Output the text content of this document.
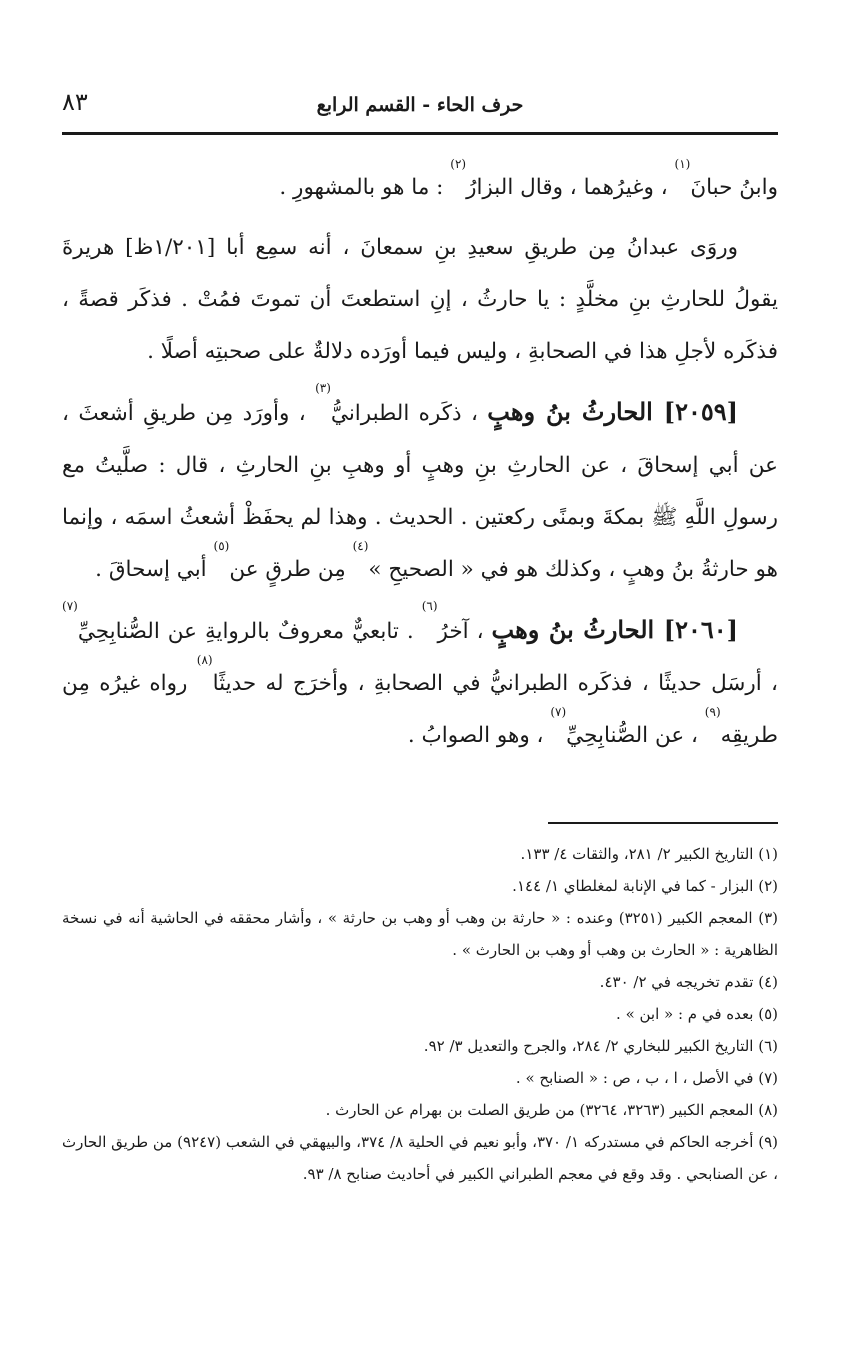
حرف الحاء - القسم الرابع
٨٣

وابنُ حبانَ$^{(١)}$ ، وغيرُهما ، وقال البزارُ$^{(٢)}$ : ما هو بالمشهورِ .

وروَى عبدانُ مِن طريقِ سعيدِ بنِ سمعانَ ، أنه سمِع أبا [١/٢٠١ظ] هريرةَ يقولُ للحارثِ بنِ مخلَّدٍ : يا حارثُ ، إنِ استطعتَ أن تموتَ فمُتْ . فذكَر قصةً ، فذكَره لأجلِ هذا في الصحابةِ ، وليس فيما أورَده دلالةٌ على صحبتِه أصلًا .

[٢٠٥٩] الحارثُ بنُ وهبٍ ، ذكَره الطبرانيُّ$^{(٣)}$ ، وأورَد مِن طريقِ أشعثَ ، عن أبي إسحاقَ ، عن الحارثِ بنِ وهبٍ أو وهبِ بنِ الحارثِ ، قال : صلَّيتُ مع رسولِ اللَّهِ ﷺ بمكةَ وبمنًى ركعتين . الحديث . وهذا لم يحفَظْ أشعثُ اسمَه ، وإنما هو حارثةُ بنُ وهبٍ ، وكذلك هو في « الصحيحِ »$^{(٤)}$ مِن طرقٍ عن$^{(٥)}$ أبي إسحاقَ .

[٢٠٦٠] الحارثُ بنُ وهبٍ ، آخرُ$^{(٦)}$ . تابعيٌّ معروفٌ بالروايةِ عن الصُّنابِحِيِّ$^{(٧)}$ ، أرسَل حديثًا ، فذكَره الطبرانيُّ في الصحابةِ ، وأخرَج له حديثًا$^{(٨)}$ رواه غيرُه مِن طريقِه$^{(٩)}$ ، عن الصُّنابِحِيِّ$^{(٧)}$ ، وهو الصوابُ .

(١) التاريخ الكبير ٢/ ٢٨١، والثقات ٤/ ١٣٣.

(٢) البزار - كما في الإنابة لمغلطاي ١/ ١٤٤.

(٣) المعجم الكبير (٣٢٥١) وعنده : « حارثة بن وهب أو وهب بن حارثة » ، وأشار محققه في الحاشية أنه في نسخة الظاهرية : « الحارث بن وهب أو وهب بن الحارث » .

(٤) تقدم تخريجه في ٢/ ٤٣٠.

(٥) بعده في م : « ابن » .

(٦) التاريخ الكبير للبخاري ٢/ ٢٨٤، والجرح والتعديل ٣/ ٩٢.

(٧) في الأصل ، ا ، ب ، ص : « الصنابح » .

(٨) المعجم الكبير (٣٢٦٣، ٣٢٦٤) من طريق الصلت بن بهرام عن الحارث .

(٩) أخرجه الحاكم في مستدركه ١/ ٣٧٠، وأبو نعيم في الحلية ٨/ ٣٧٤، والبيهقي في الشعب (٩٢٤٧) من طريق الحارث ، عن الصنابحي . وقد وقع في معجم الطبراني الكبير في أحاديث صنابح ٨/ ٩٣.
